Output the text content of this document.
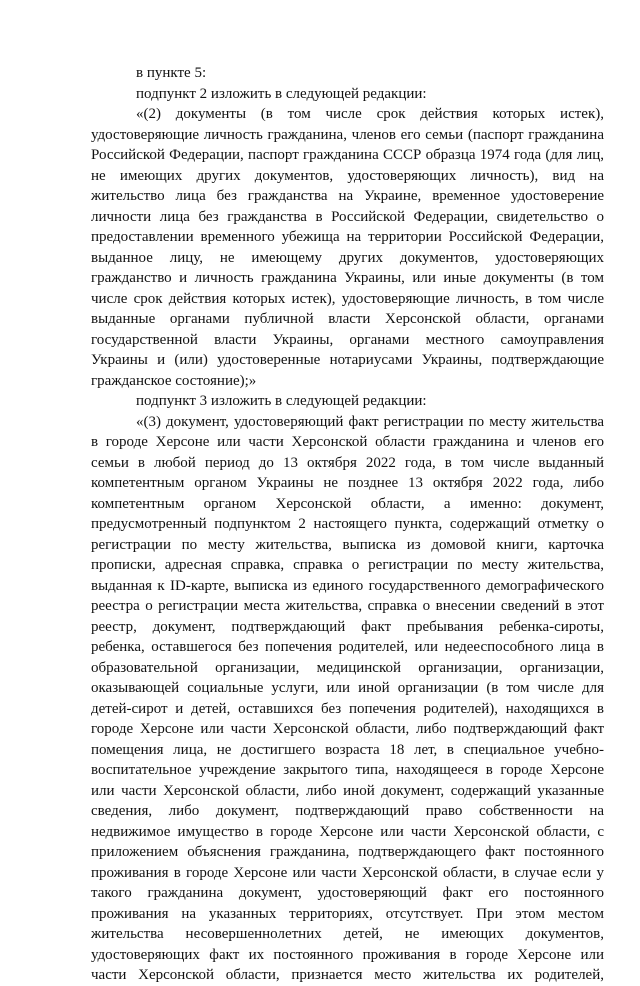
в пункте 5:
подпункт 2 изложить в следующей редакции:
«(2) документы (в том числе срок действия которых истек),
удостоверяющие личность гражданина, членов его семьи (паспорт гражданина
Российской Федерации, паспорт гражданина СССР образца 1974 года (для лиц,
не имеющих других документов, удостоверяющих личность), вид на
жительство лица без гражданства на Украине, временное удостоверение
личности лица без гражданства в Российской Федерации, свидетельство о
предоставлении временного убежища на территории Российской Федерации,
выданное лицу, не имеющему других документов, удостоверяющих
гражданство и личность гражданина Украины, или иные документы (в том
числе срок действия которых истек), удостоверяющие личность, в том числе
выданные органами публичной власти Херсонской области, органами
государственной власти Украины, органами местного самоуправления
Украины и (или) удостоверенные нотариусами Украины, подтверждающие
гражданское состояние);»
подпункт 3 изложить в следующей редакции:
«(3) документ, удостоверяющий факт регистрации по месту жительства
в городе Херсоне или части Херсонской области гражданина и членов его
семьи в любой период до 13 октября 2022 года, в том числе выданный
компетентным органом Украины не позднее 13 октября 2022 года, либо
компетентным органом Херсонской области, а именно: документ,
предусмотренный подпунктом 2 настоящего пункта, содержащий отметку о
регистрации по месту жительства, выписка из домовой книги, карточка
прописки, адресная справка, справка о регистрации по месту жительства,
выданная к ID-карте, выписка из единого государственного демографического
реестра о регистрации места жительства, справка о внесении сведений в этот
реестр, документ, подтверждающий факт пребывания ребенка-сироты,
ребенка, оставшегося без попечения родителей, или недееспособного лица в
образовательной организации, медицинской организации, организации,
оказывающей социальные услуги, или иной организации (в том числе для
детей-сирот и детей, оставшихся без попечения родителей), находящихся в
городе Херсоне или части Херсонской области, либо подтверждающий факт
помещения лица, не достигшего возраста 18 лет, в специальное учебно-
воспитательное учреждение закрытого типа, находящееся в городе Херсоне
или части Херсонской области, либо иной документ, содержащий указанные
сведения, либо документ, подтверждающий право собственности на
недвижимое имущество в городе Херсоне или части Херсонской области, с
приложением объяснения гражданина, подтверждающего факт постоянного
проживания в городе Херсоне или части Херсонской области, в случае если у
такого гражданина документ, удостоверяющий факт его постоянного
проживания на указанных территориях, отсутствует. При этом местом
жительства несовершеннолетних детей, не имеющих документов,
удостоверяющих факт их постоянного проживания в городе Херсоне или
части Херсонской области, признается место жительства их родителей,
